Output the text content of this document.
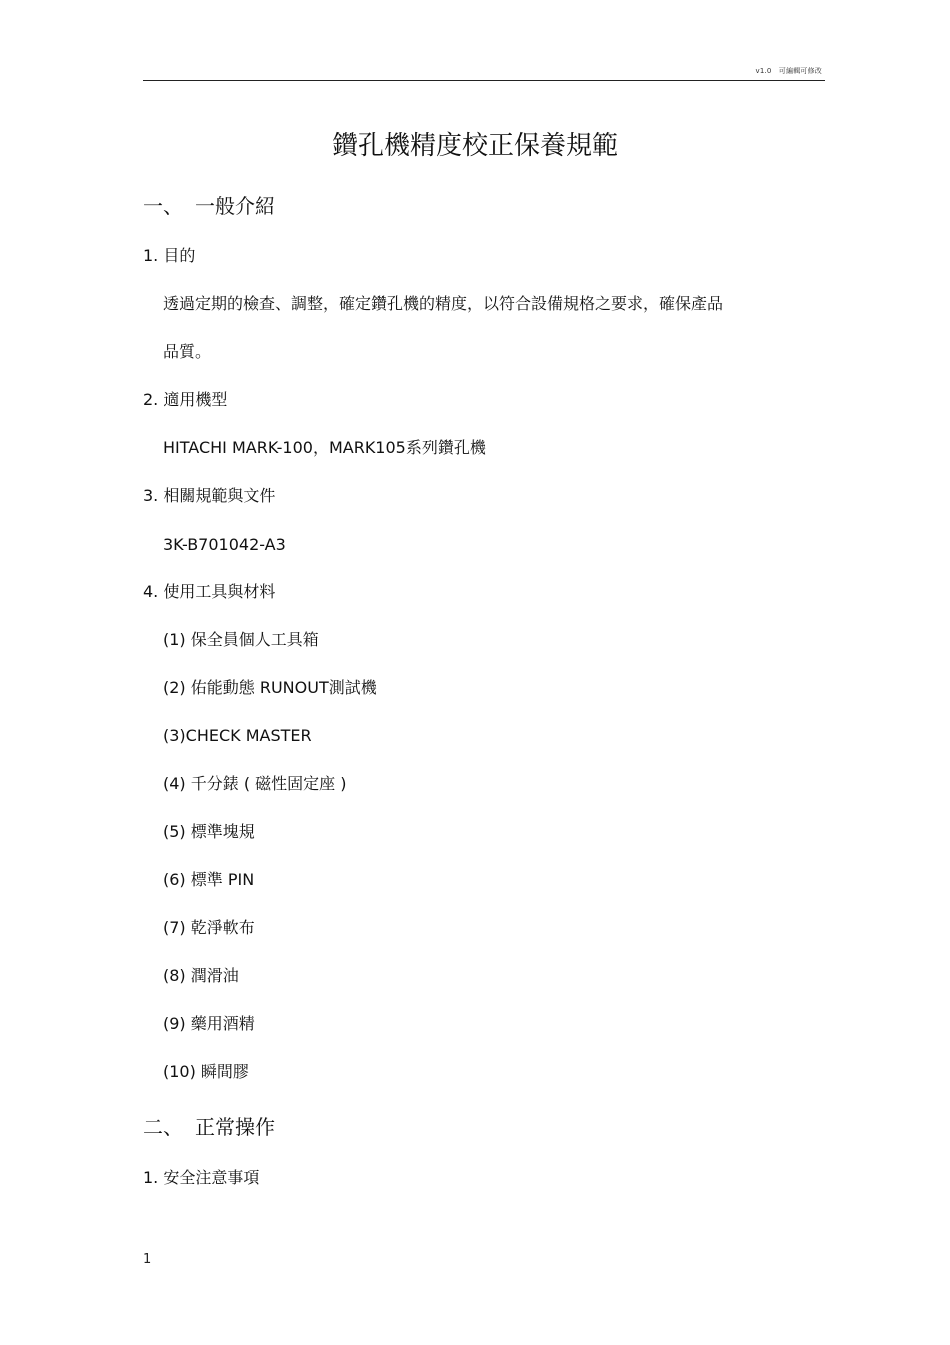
v1.0　可編輯可修改
鑽孔機精度校正保養規範
一、 一般介紹
1. 目的
透過定期的檢查、調整，確定鑽孔機的精度，以符合設備規格之要求，確保產品
品質。
2. 適用機型
HITACHI MARK-100，MARK105系列鑽孔機
3. 相關規範與文件
3K-B701042-A3
4. 使用工具與材料
(1) 保全員個人工具箱
(2) 佑能動態 RUNOUT測試機
(3)CHECK MASTER
(4) 千分錶 ( 磁性固定座 )
(5) 標準塊規
(6) 標準 PIN
(7) 乾淨軟布
(8) 潤滑油
(9) 藥用酒精
(10) 瞬間膠
二、 正常操作
1. 安全注意事項
1
